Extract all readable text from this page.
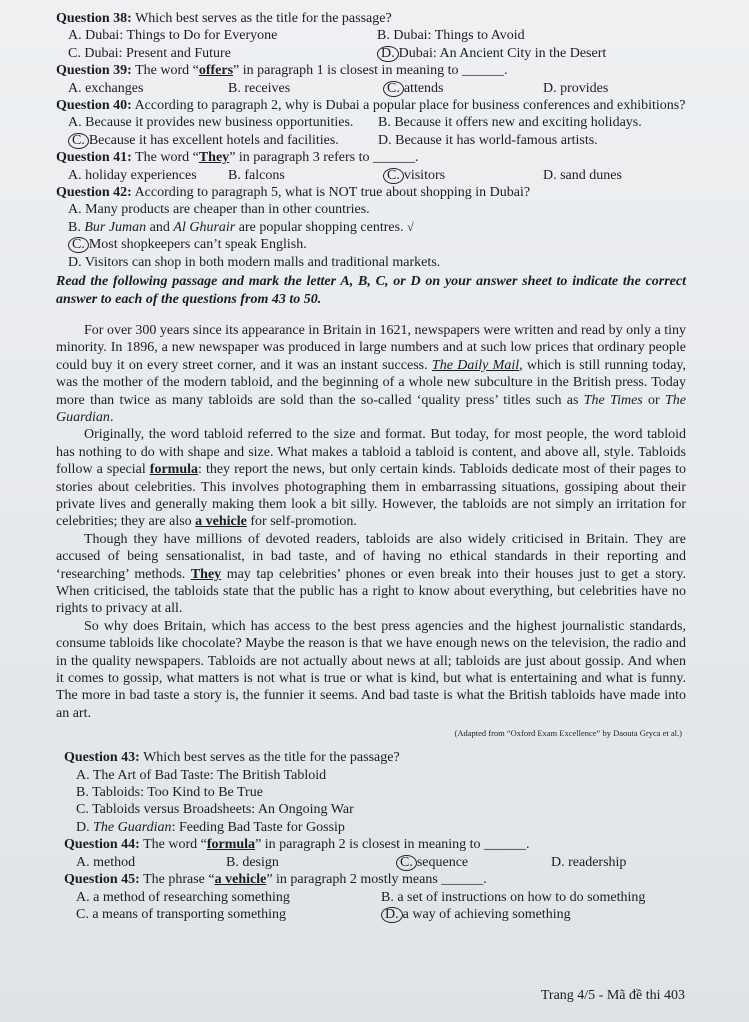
Question 38: Which best serves as the title for the passage?

A. Dubai: Things to Do for Everyone	B. Dubai: Things to Avoid
C. Dubai: Present and Future	D. Dubai: An Ancient City in the Desert

Question 39: The word “offers” in paragraph 1 is closest in meaning to ______.

A. exchanges	B. receives	C. attends	D. provides

Question 40: According to paragraph 2, why is Dubai a popular place for business conferences and exhibitions?

A. Because it provides new business opportunities.	B. Because it offers new and exciting holidays.
C. Because it has excellent hotels and facilities.	D. Because it has world-famous artists.

Question 41: The word “They” in paragraph 3 refers to ______.

A. holiday experiences	B. falcons	C. visitors	D. sand dunes

Question 42: According to paragraph 5, what is NOT true about shopping in Dubai?

A. Many products are cheaper than in other countries.
B. Bur Juman and Al Ghurair are popular shopping centres. √
C. Most shopkeepers can’t speak English.
D. Visitors can shop in both modern malls and traditional markets.

Read the following passage and mark the letter A, B, C, or D on your answer sheet to indicate the correct answer to each of the questions from 43 to 50.

For over 300 years since its appearance in Britain in 1621, newspapers were written and read by only a tiny minority. In 1896, a new newspaper was produced in large numbers and at such low prices that ordinary people could buy it on every street corner, and it was an instant success. The Daily Mail, which is still running today, was the mother of the modern tabloid, and the beginning of a whole new subculture in the British press. Today more than twice as many tabloids are sold than the so-called ‘quality press’ titles such as The Times or The Guardian.

Originally, the word tabloid referred to the size and format. But today, for most people, the word tabloid has nothing to do with shape and size. What makes a tabloid a tabloid is content, and above all, style. Tabloids follow a special formula: they report the news, but only certain kinds. Tabloids dedicate most of their pages to stories about celebrities. This involves photographing them in embarrassing situations, gossiping about their private lives and generally making them look a bit silly. However, the tabloids are not simply an irritation for celebrities; they are also a vehicle for self-promotion.

Though they have millions of devoted readers, tabloids are also widely criticised in Britain. They are accused of being sensationalist, in bad taste, and of having no ethical standards in their reporting and ‘researching’ methods. They may tap celebrities’ phones or even break into their houses just to get a story. When criticised, the tabloids state that the public has a right to know about everything, but celebrities have no rights to privacy at all.

So why does Britain, which has access to the best press agencies and the highest journalistic standards, consume tabloids like chocolate? Maybe the reason is that we have enough news on the television, the radio and in the quality newspapers. Tabloids are not actually about news at all; tabloids are just about gossip. And when it comes to gossip, what matters is not what is true or what is kind, but what is entertaining and what is funny. The more in bad taste a story is, the funnier it seems. And bad taste is what the British tabloids have made into an art.

(Adapted from “Oxford Exam Excellence” by Daouta Gryca et al.)

Question 43: Which best serves as the title for the passage?

A. The Art of Bad Taste: The British Tabloid
B. Tabloids: Too Kind to Be True
C. Tabloids versus Broadsheets: An Ongoing War
D. The Guardian: Feeding Bad Taste for Gossip

Question 44: The word “formula” in paragraph 2 is closest in meaning to ______.

A. method	B. design	C. sequence	D. readership

Question 45: The phrase “a vehicle” in paragraph 2 mostly means ______.

A. a method of researching something	B. a set of instructions on how to do something
C. a means of transporting something	D. a way of achieving something
Trang 4/5 - Mã đề thi 403
